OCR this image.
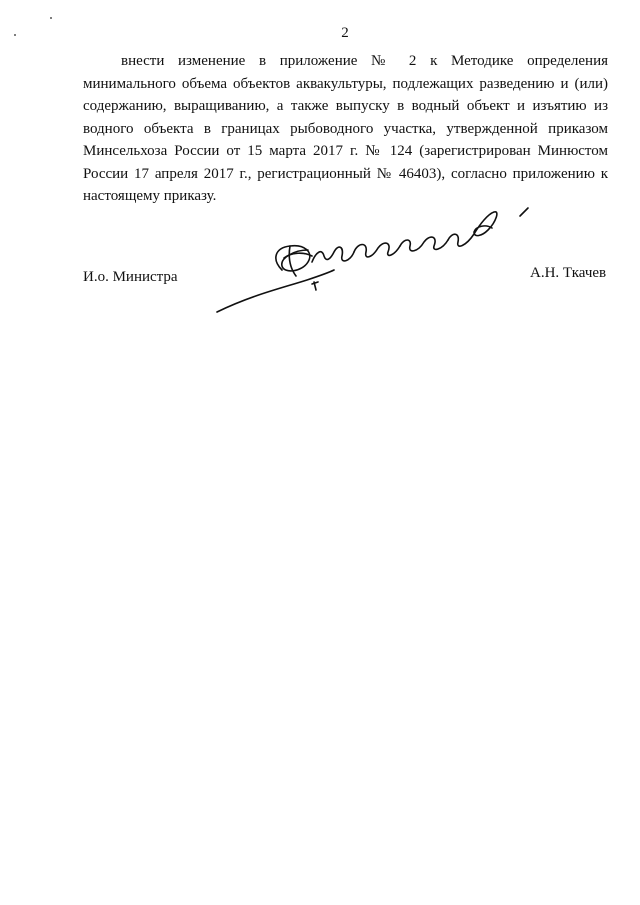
2

внести изменение в приложение № 2 к Методике определения минимального объема объектов аквакультуры, подлежащих разведению и (или) содержанию, выращиванию, а также выпуску в водный объект и изъятию из водного объекта в границах рыбоводного участка, утвержденной приказом Минсельхоза России от 15 марта 2017 г. № 124 (зарегистрирован Минюстом России 17 апреля 2017 г., регистрационный № 46403), согласно приложению к настоящему приказу.

И.о. Министра	А.Н. Ткачев
